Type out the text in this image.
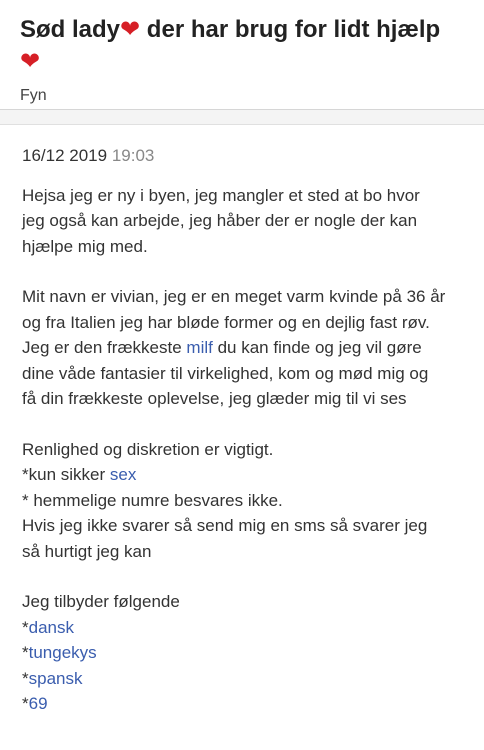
Sød lady❤ der har brug for lidt hjælp
❤
Fyn
16/12 2019 19:03

Hejsa jeg er ny i byen, jeg mangler et sted at bo hvor
jeg også kan arbejde, jeg håber der er nogle der kan
hjælpe mig med.

Mit navn er vivian, jeg er en meget varm kvinde på 36 år
og fra Italien jeg har bløde former og en dejlig fast røv.
Jeg er den frækkeste milf du kan finde og jeg vil gøre
dine våde fantasier til virkelighed, kom og mød mig og
få din frækkeste oplevelse, jeg glæder mig til vi ses

Renlighed og diskretion er vigtigt.
*kun sikker sex
* hemmelige numre besvares ikke.
Hvis jeg ikke svarer så send mig en sms så svarer jeg
så hurtigt jeg kan

Jeg tilbyder følgende
*dansk
*tungekys
*spansk
*69
